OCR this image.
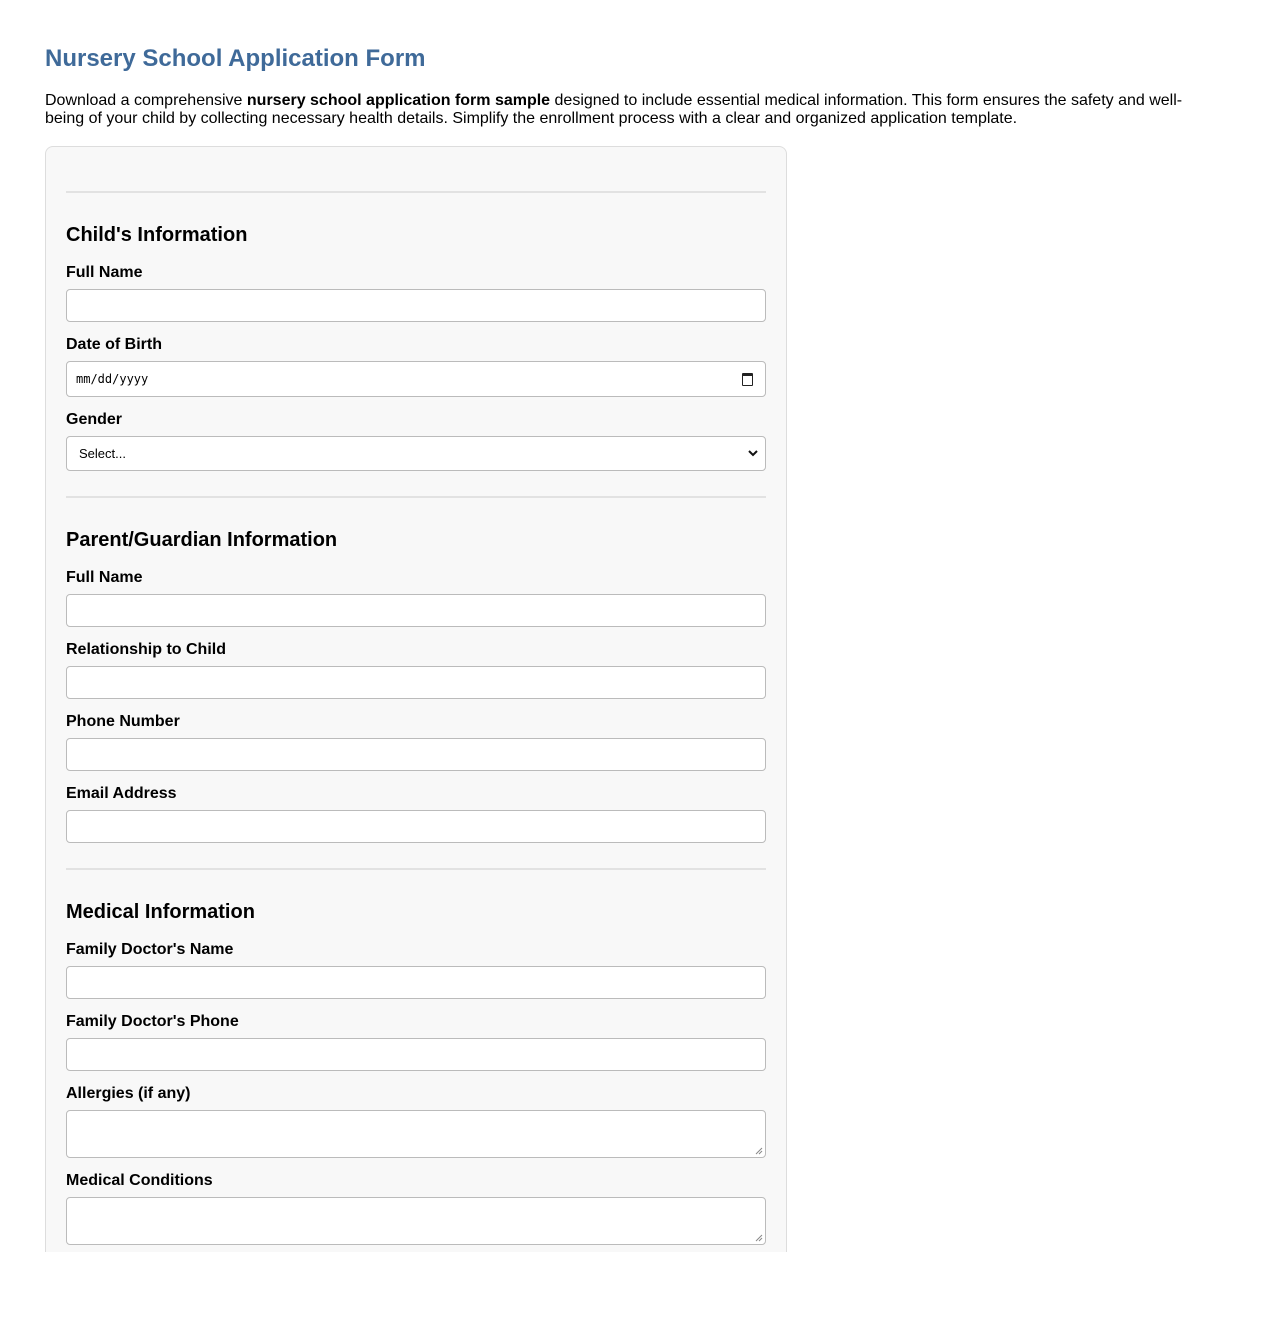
Nursery School Application Form

Download a comprehensive nursery school application form sample designed to include essential medical information. This form ensures the safety and well-being of your child by collecting necessary health details. Simplify the enrollment process with a clear and organized application template.

Child's Information
Full Name
Date of Birth
mm/dd/yyyy
Gender
Select...
Parent/Guardian Information
Full Name
Relationship to Child
Phone Number
Email Address
Medical Information
Family Doctor's Name
Family Doctor's Phone
Allergies (if any)
Medical Conditions
